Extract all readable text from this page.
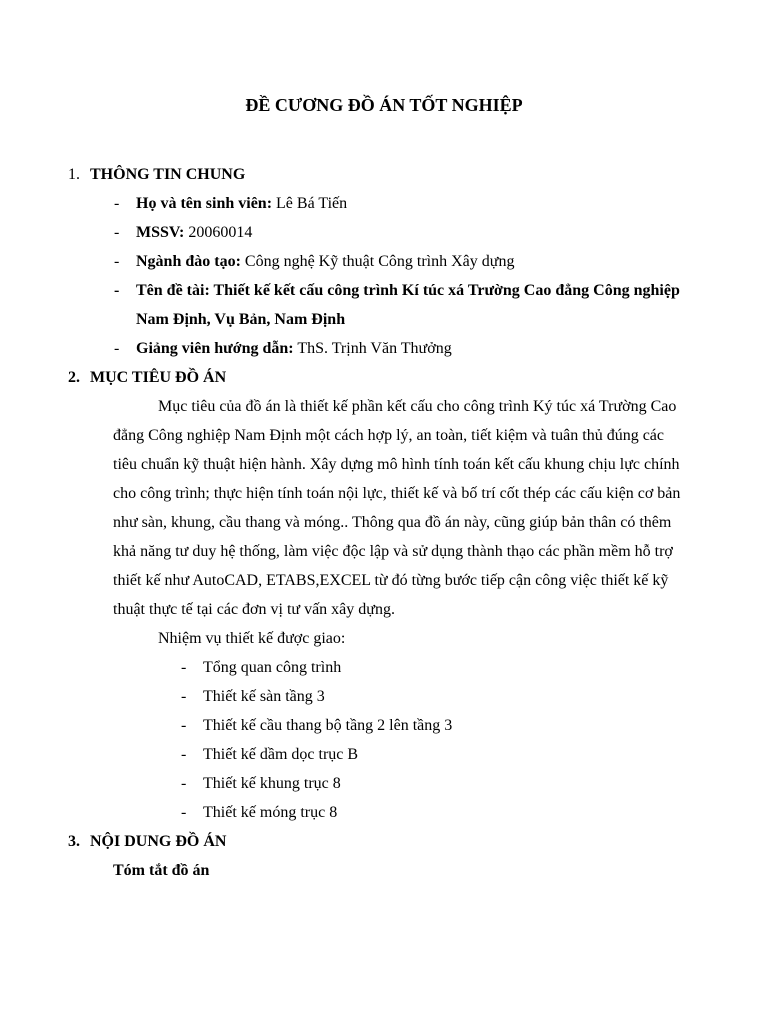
ĐỀ CƯƠNG ĐỒ ÁN TỐT NGHIỆP
1. THÔNG TIN CHUNG
- Họ và tên sinh viên: Lê Bá Tiến
- MSSV: 20060014
- Ngành đào tạo: Công nghệ Kỹ thuật Công trình Xây dựng
- Tên đề tài: Thiết kế kết cấu công trình Kí túc xá Trường Cao đẳng Công nghiệp
Nam Định, Vụ Bản, Nam Định
- Giảng viên hướng dẫn: ThS. Trịnh Văn Thưởng
2. MỤC TIÊU ĐỒ ÁN
Mục tiêu của đồ án là thiết kế phần kết cấu cho công trình Ký túc xá Trường Cao
đẳng Công nghiệp Nam Định một cách hợp lý, an toàn, tiết kiệm và tuân thủ đúng các
tiêu chuẩn kỹ thuật hiện hành. Xây dựng mô hình tính toán kết cấu khung chịu lực chính
cho công trình; thực hiện tính toán nội lực, thiết kế và bố trí cốt thép các cấu kiện cơ bản
như sàn, khung, cầu thang và móng.. Thông qua đồ án này, cũng giúp bản thân có thêm
khả năng tư duy hệ thống, làm việc độc lập và sử dụng thành thạo các phần mềm hỗ trợ
thiết kế như AutoCAD, ETABS,EXCEL từ đó từng bước tiếp cận công việc thiết kế kỹ
thuật thực tế tại các đơn vị tư vấn xây dựng.
Nhiệm vụ thiết kế được giao:
- Tổng quan công trình
- Thiết kế sàn tầng 3
- Thiết kế cầu thang bộ tầng 2 lên tầng 3
- Thiết kế dầm dọc trục B
- Thiết kế khung trục 8
- Thiết kế móng trục 8
3. NỘI DUNG ĐỒ ÁN
Tóm tắt đồ án
